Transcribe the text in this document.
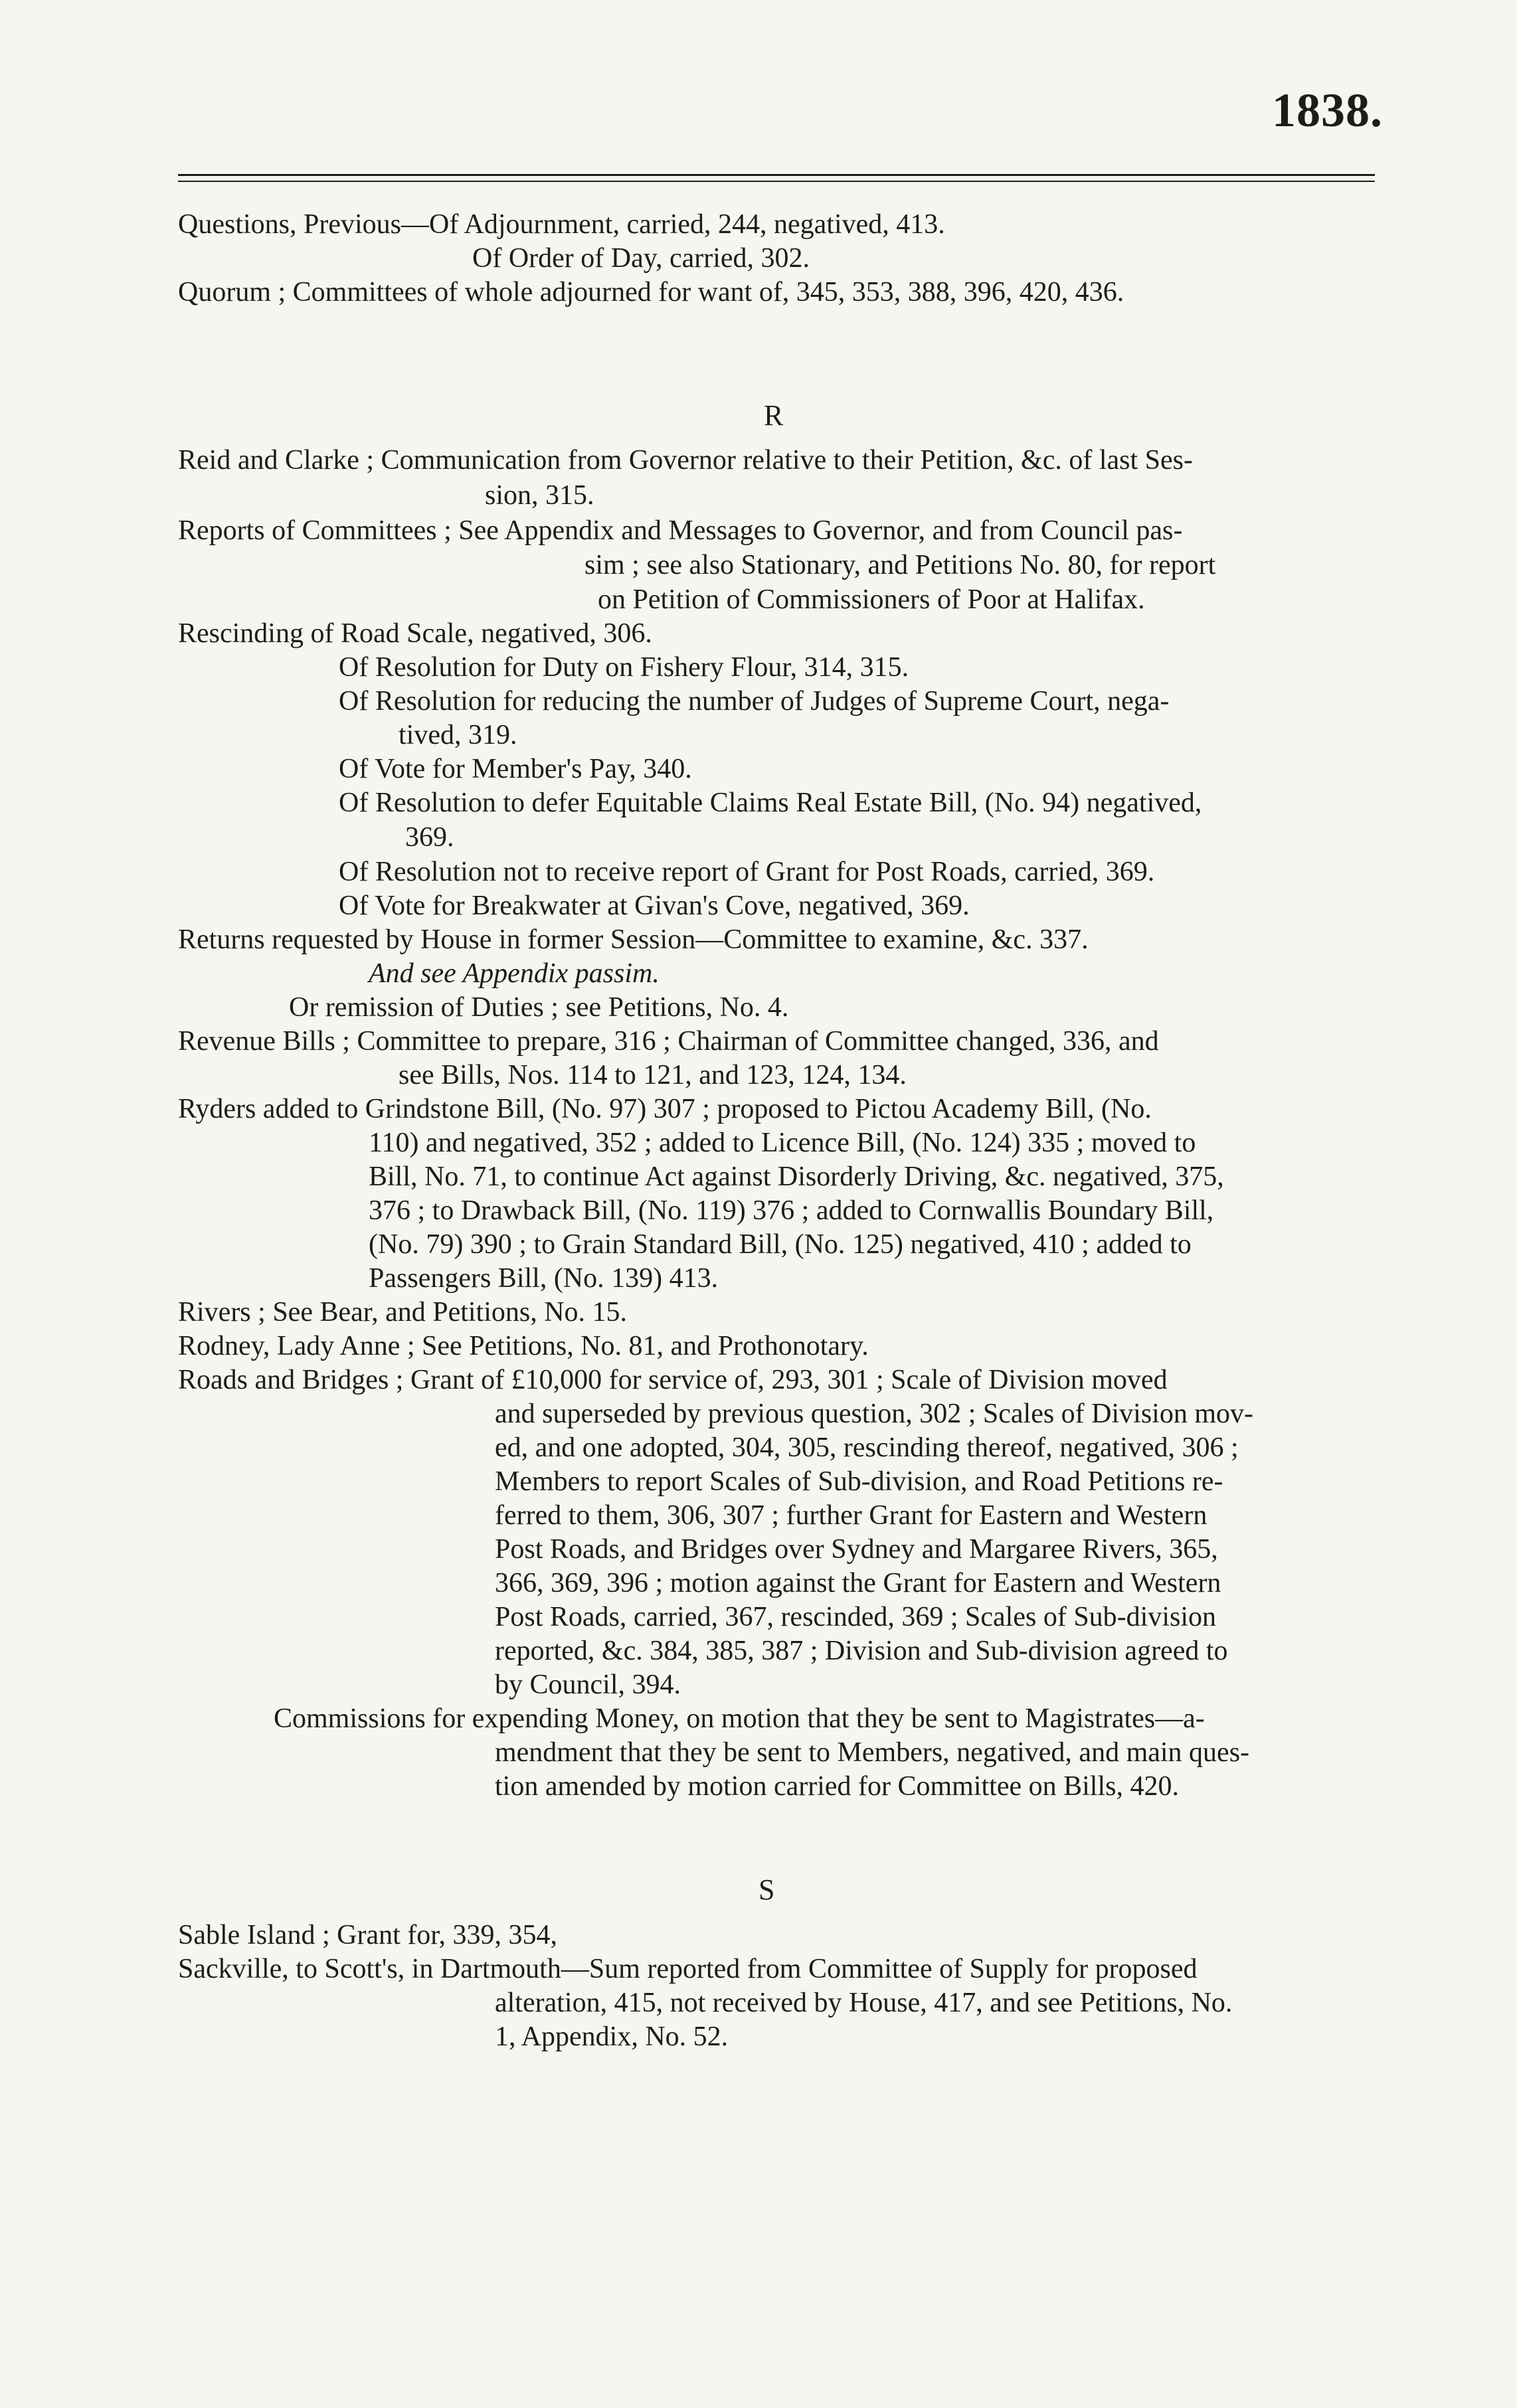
1838.
Questions, Previous—Of Adjournment, carried, 244, negatived, 413.
Of Order of Day, carried, 302.
Quorum ; Committees of whole adjourned for want of, 345, 353, 388, 396, 420, 436.
R
Reid and Clarke ; Communication from Governor relative to their Petition, &c. of last Ses-
sion, 315.
Reports of Committees ; See Appendix and Messages to Governor, and from Council pas-
sim ; see also Stationary, and Petitions No. 80, for report
on Petition of Commissioners of Poor at Halifax.
Rescinding of Road Scale, negatived, 306.
Of Resolution for Duty on Fishery Flour, 314, 315.
Of Resolution for reducing the number of Judges of Supreme Court, nega-
tived, 319.
Of Vote for Member's Pay, 340.
Of Resolution to defer Equitable Claims Real Estate Bill, (No. 94) negatived,
369.
Of Resolution not to receive report of Grant for Post Roads, carried, 369.
Of Vote for Breakwater at Givan's Cove, negatived, 369.
Returns requested by House in former Session—Committee to examine, &c. 337.
And see Appendix passim.
Or remission of Duties ; see Petitions, No. 4.
Revenue Bills ; Committee to prepare, 316 ; Chairman of Committee changed, 336, and
see Bills, Nos. 114 to 121, and 123, 124, 134.
Ryders added to Grindstone Bill, (No. 97) 307 ; proposed to Pictou Academy Bill, (No.
110) and negatived, 352 ; added to Licence Bill, (No. 124) 335 ; moved to
Bill, No. 71, to continue Act against Disorderly Driving, &c. negatived, 375,
376 ; to Drawback Bill, (No. 119) 376 ; added to Cornwallis Boundary Bill,
(No. 79) 390 ; to Grain Standard Bill, (No. 125) negatived, 410 ; added to
Passengers Bill, (No. 139) 413.
Rivers ; See Bear, and Petitions, No. 15.
Rodney, Lady Anne ; See Petitions, No. 81, and Prothonotary.
Roads and Bridges ; Grant of £10,000 for service of, 293, 301 ; Scale of Division moved
and superseded by previous question, 302 ; Scales of Division mov-
ed, and one adopted, 304, 305, rescinding thereof, negatived, 306 ;
Members to report Scales of Sub-division, and Road Petitions re-
ferred to them, 306, 307 ; further Grant for Eastern and Western
Post Roads, and Bridges over Sydney and Margaree Rivers, 365,
366, 369, 396 ; motion against the Grant for Eastern and Western
Post Roads, carried, 367, rescinded, 369 ; Scales of Sub-division
reported, &c. 384, 385, 387 ; Division and Sub-division agreed to
by Council, 394.
Commissions for expending Money, on motion that they be sent to Magistrates—a-
mendment that they be sent to Members, negatived, and main ques-
tion amended by motion carried for Committee on Bills, 420.
S
Sable Island ; Grant for, 339, 354,
Sackville, to Scott's, in Dartmouth—Sum reported from Committee of Supply for proposed
alteration, 415, not received by House, 417, and see Petitions, No.
1, Appendix, No. 52.
